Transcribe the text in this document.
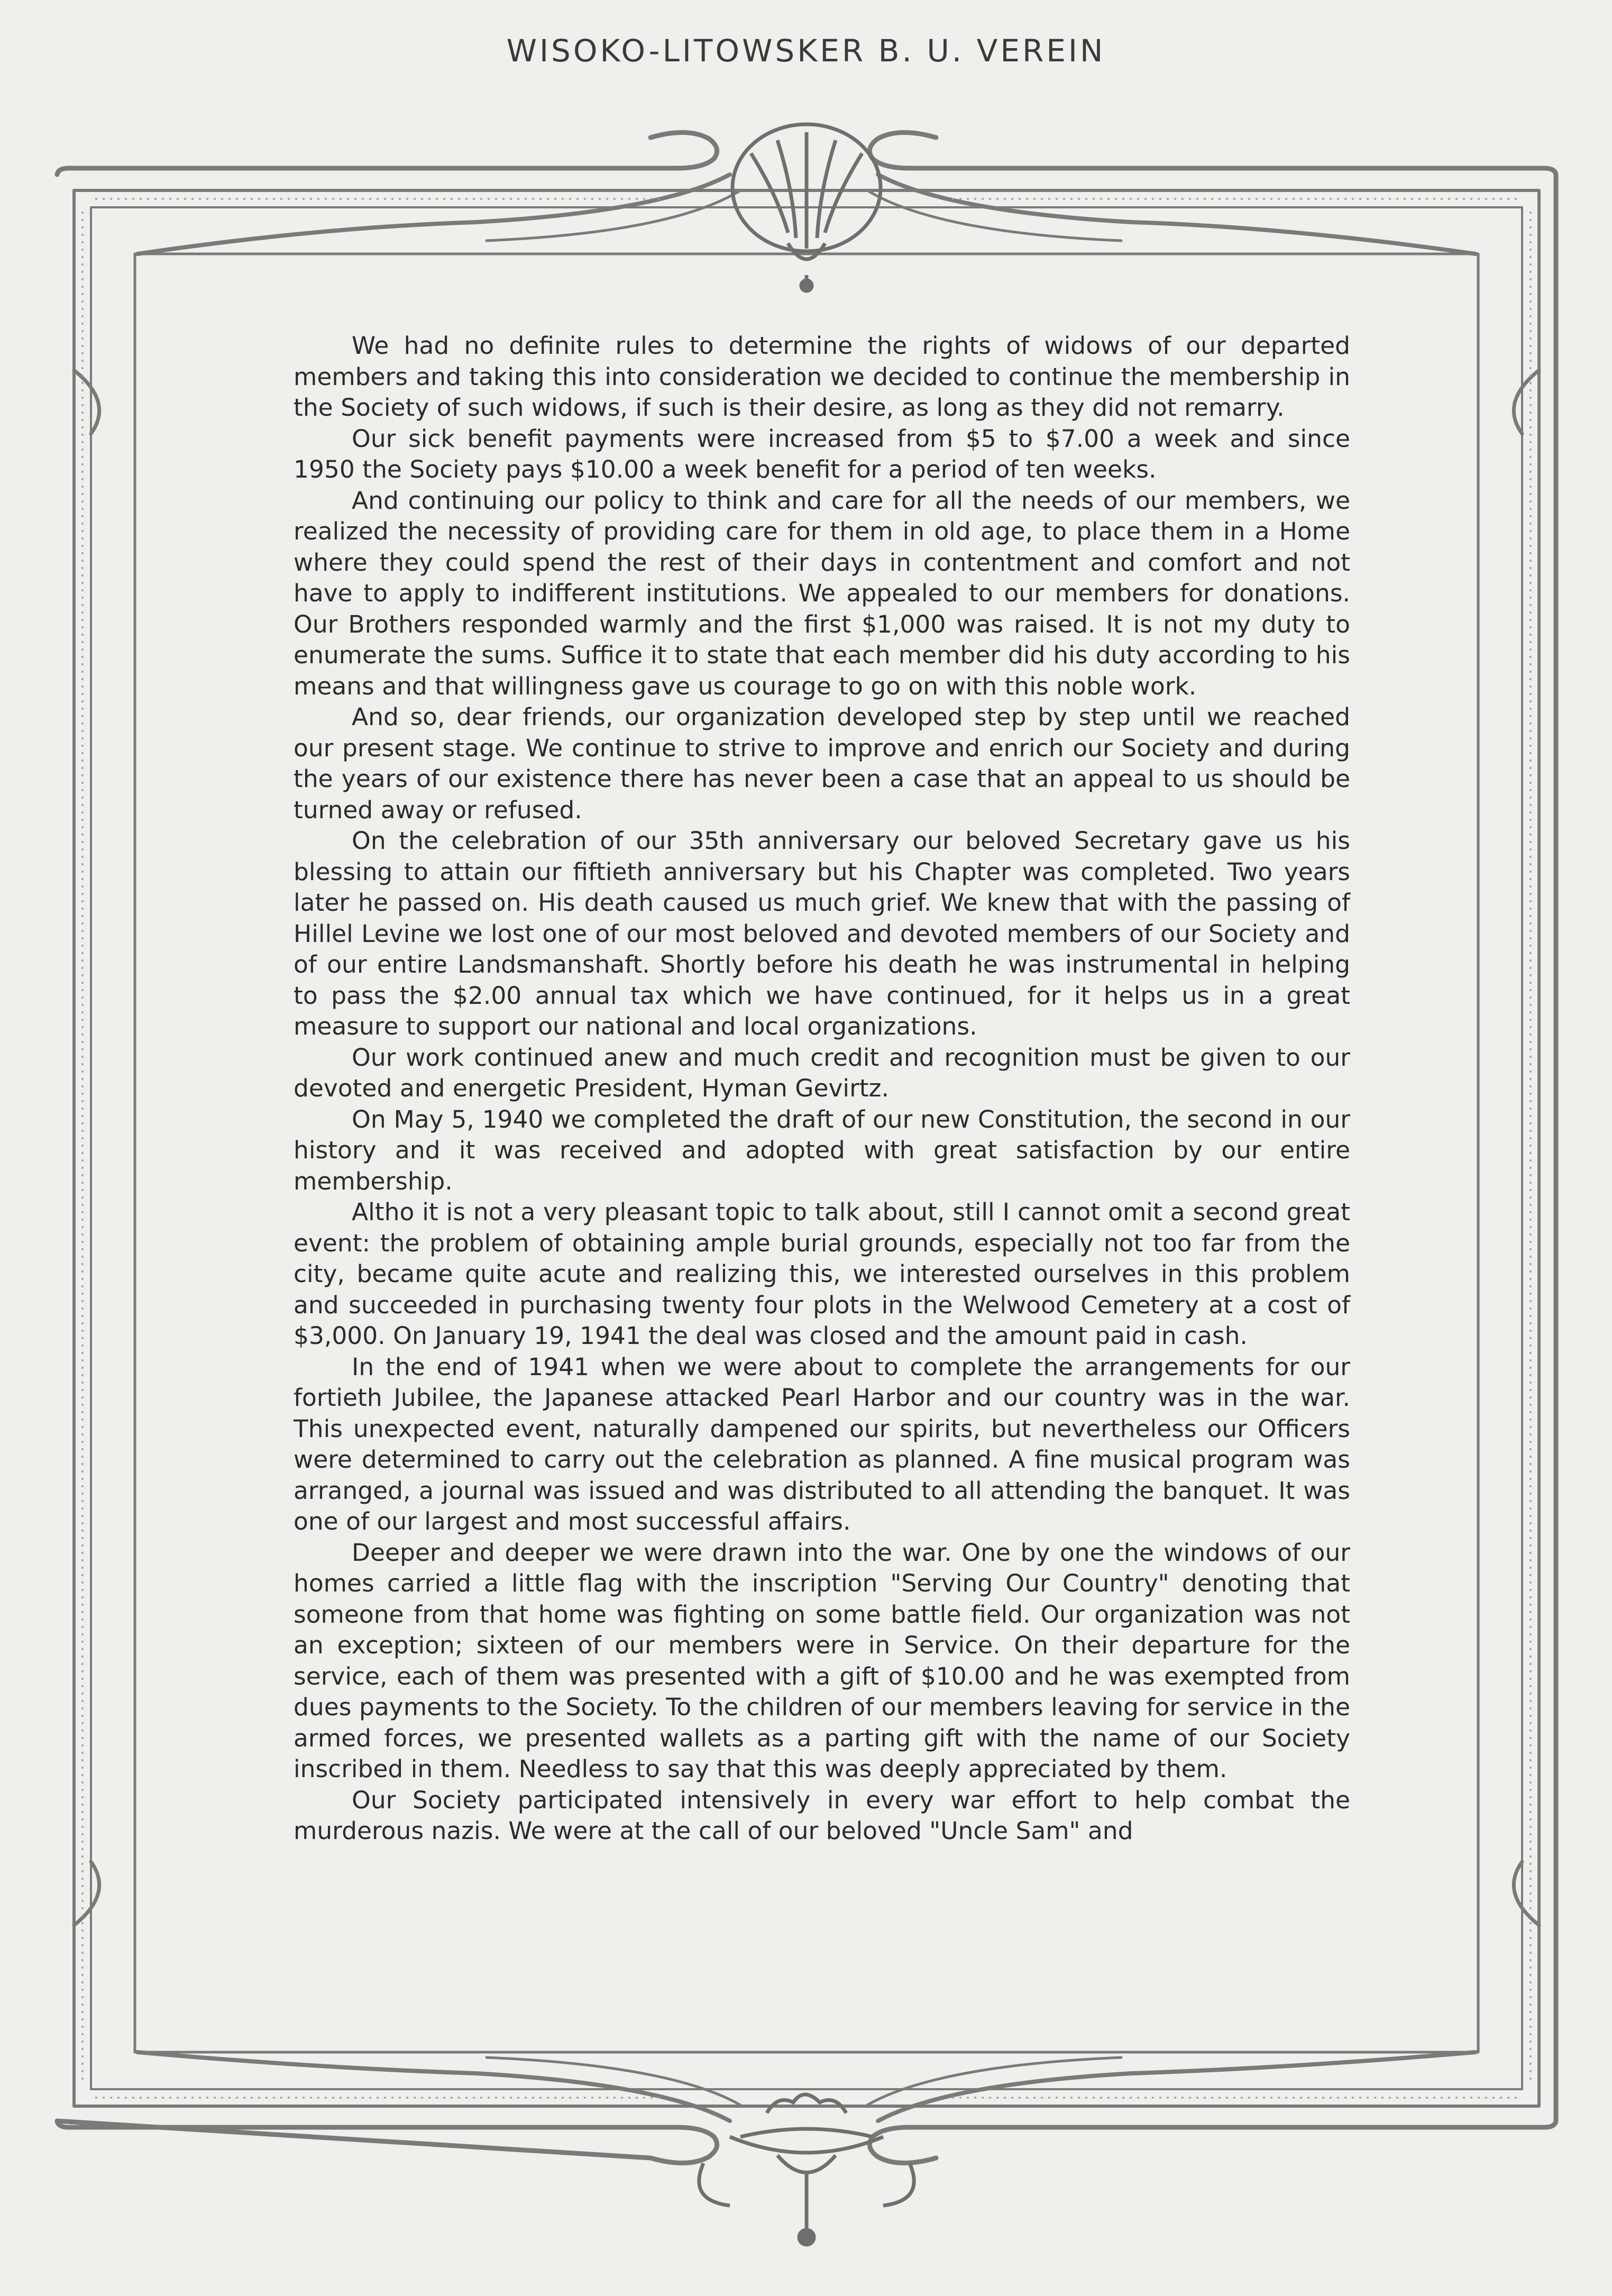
WISOKO-LITOWSKER B. U. VEREIN

We had no definite rules to determine the rights of widows of our departed members and taking this into consideration we decided to continue the membership in the Society of such widows, if such is their desire, as long as they did not remarry.

Our sick benefit payments were increased from $5 to $7.00 a week and since 1950 the Society pays $10.00 a week benefit for a period of ten weeks.

And continuing our policy to think and care for all the needs of our members, we realized the necessity of providing care for them in old age, to place them in a Home where they could spend the rest of their days in contentment and comfort and not have to apply to indifferent institutions. We appealed to our members for donations. Our Brothers responded warmly and the first $1,000 was raised. It is not my duty to enumerate the sums. Suffice it to state that each member did his duty according to his means and that willingness gave us courage to go on with this noble work.

And so, dear friends, our organization developed step by step until we reached our present stage. We continue to strive to improve and enrich our Society and during the years of our existence there has never been a case that an appeal to us should be turned away or refused.

On the celebration of our 35th anniversary our beloved Secretary gave us his blessing to attain our fiftieth anniversary but his Chapter was completed. Two years later he passed on. His death caused us much grief. We knew that with the passing of Hillel Levine we lost one of our most beloved and devoted members of our Society and of our entire Landsmanshaft. Shortly before his death he was instrumental in helping to pass the $2.00 annual tax which we have continued, for it helps us in a great measure to support our national and local organizations.

Our work continued anew and much credit and recognition must be given to our devoted and energetic President, Hyman Gevirtz.

On May 5, 1940 we completed the draft of our new Constitution, the second in our history and it was received and adopted with great satisfaction by our entire membership.

Altho it is not a very pleasant topic to talk about, still I cannot omit a second great event: the problem of obtaining ample burial grounds, especially not too far from the city, became quite acute and realizing this, we interested ourselves in this problem and succeeded in purchasing twenty four plots in the Welwood Cemetery at a cost of $3,000. On January 19, 1941 the deal was closed and the amount paid in cash.

In the end of 1941 when we were about to complete the arrangements for our fortieth Jubilee, the Japanese attacked Pearl Harbor and our country was in the war. This unexpected event, naturally dampened our spirits, but nevertheless our Officers were determined to carry out the celebration as planned. A fine musical program was arranged, a journal was issued and was distributed to all attending the banquet. It was one of our largest and most successful affairs.

Deeper and deeper we were drawn into the war. One by one the windows of our homes carried a little flag with the inscription "Serving Our Country" denoting that someone from that home was fighting on some battle field. Our organization was not an exception; sixteen of our members were in Service. On their departure for the service, each of them was presented with a gift of $10.00 and he was exempted from dues payments to the Society. To the children of our members leaving for service in the armed forces, we presented wallets as a parting gift with the name of our Society inscribed in them. Needless to say that this was deeply appreciated by them.

Our Society participated intensively in every war effort to help combat the murderous nazis. We were at the call of our beloved "Uncle Sam" and
